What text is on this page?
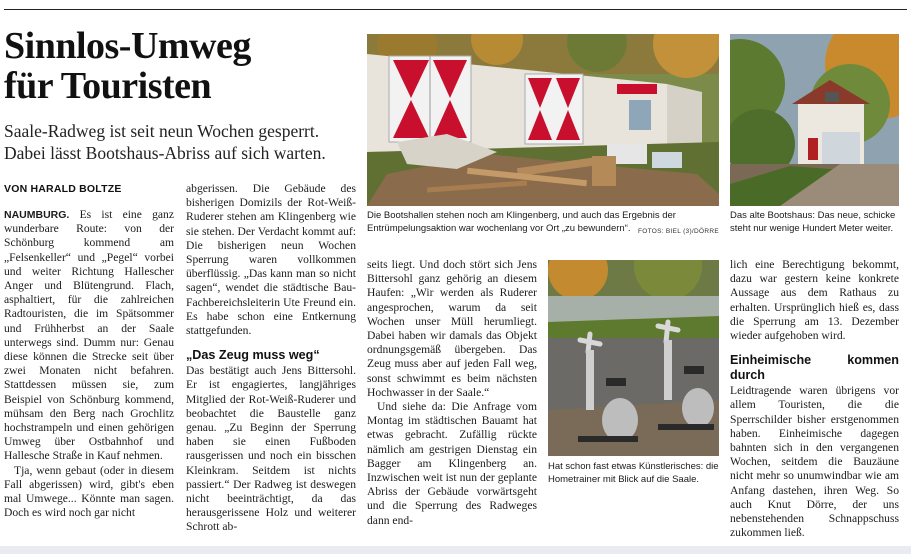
Sinnlos-Umweg
für Touristen
Saale-Radweg ist seit neun Wochen gesperrt. Dabei lässt Bootshaus-Abriss auf sich warten.
VON HARALD BOLTZE

NAUMBURG. Es ist eine ganz wunderbare Route: von der Schönburg kommend am „Felsenkeller“ und „Pegel“ vorbei und weiter Richtung Hallescher Anger und Blütengrund. Flach, asphaltiert, für die zahlreichen Radtouristen, die im Spätsommer und Frühherbst an der Saale unterwegs sind. Dumm nur: Genau diese können die Strecke seit über zwei Monaten nicht befahren. Stattdessen müssen sie, zum Beispiel von Schönburg kommend, mühsam den Berg nach Grochlitz hochstrampeln und einen gehörigen Umweg über Ostbahnhof und Hallesche Straße in Kauf nehmen.

Tja, wenn gebaut (oder in diesem Fall abgerissen) wird, gibt's eben mal Umwege... Könnte man sagen. Doch es wird noch gar nicht

abgerissen. Die Gebäude des bisherigen Domizils der Rot-Weiß-Ruderer stehen am Klingenberg wie sie stehen. Der Verdacht kommt auf: Die bisherigen neun Wochen Sperrung waren vollkommen überflüssig. „Das kann man so nicht sagen“, wendet die städtische Bau-Fachbereichsleiterin Ute Freund ein. Es habe schon eine Entkernung stattgefunden.

„Das Zeug muss weg“

Das bestätigt auch Jens Bittersohl. Er ist engagiertes, langjähriges Mitglied der Rot-Weiß-Ruderer und beobachtet die Baustelle ganz genau. „Zu Beginn der Sperrung haben sie einen Fußboden rausgerissen und noch ein bisschen Kleinkram. Seitdem ist nichts passiert.“ Der Radweg ist deswegen nicht beeinträchtigt, da das herausgerissene Holz und weiterer Schrott ab-

Die Bootshallen stehen noch am Klingenberg, und auch das Ergebnis der Entrümpelungsaktion war wochenlang vor Ort „zu bewundern“. FOTOS: BIEL (3)/DÖRRE
Das alte Bootshaus: Das neue, schicke steht nur wenige Hundert Meter weiter.

seits liegt. Und doch stört sich Jens Bittersohl ganz gehörig an diesem Haufen: „Wir werden als Ruderer angesprochen, warum da seit Wochen unser Müll herumliegt. Dabei haben wir damals das Objekt ordnungsgemäß übergeben. Das Zeug muss aber auf jeden Fall weg, sonst schwimmt es beim nächsten Hochwasser in der Saale.“

Und siehe da: Die Anfrage vom Montag im städtischen Bauamt hat etwas gebracht. Zufällig rückte nämlich am gestrigen Dienstag ein Bagger am Klingenberg an. Inzwischen weit ist nun der geplante Abriss der Gebäude vorwärtsgeht und die Sperrung des Radweges dann end-

Hat schon fast etwas Künstlerisches: die Hometrainer mit Blick auf die Saale.

lich eine Berechtigung bekommt, dazu war gestern keine konkrete Aussage aus dem Rathaus zu erhalten. Ursprünglich hieß es, dass die Sperrung am 13. Dezember wieder aufgehoben wird.

Einheimische kommen durch

Leidtragende waren übrigens vor allem Touristen, die die Sperrschilder bisher erstgenommen haben. Einheimische dagegen bahnten sich in den vergangenen Wochen, seitdem die Bauzäune nicht mehr so unumwindbar wie am Anfang dastehen, ihren Weg. So auch Knut Dörre, der uns nebenstehenden Schnappschuss zukommen ließ.
